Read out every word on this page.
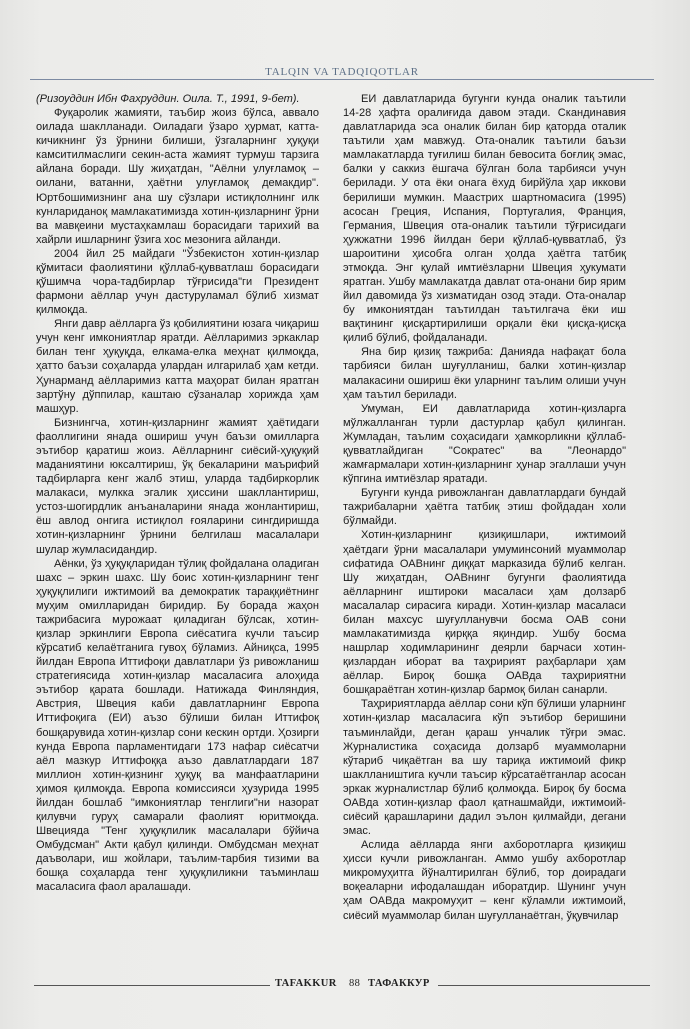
TALQIN VA TADQIQOTLAR

(Ризоуддин Ибн Фахруддин. Оила. Т., 1991, 9-бет).

Фуқаролик жамияти, таъбир жоиз бўлса, аввало оилада шаклланади. Оиладаги ўзаро ҳурмат, катта-кичикнинг ўз ўрнини билиши, ўзгаларнинг ҳуқуқи камситилмаслиги секин-аста жамият турмуш тарзига айлана боради. Шу жиҳатдан, "Аёлни улуғламоқ – оилани, ватанни, ҳаётни улуғламоқ демакдир". Юртбошимизнинг ана шу сўзлари истиқлолнинг илк кунлариданоқ мамлакатимизда хотин-қизларнинг ўрни ва мавқеини мустаҳкамлаш борасидаги тарихий ва хайрли ишларнинг ўзига хос мезонига айланди.

2004 йил 25 майдаги "Ўзбекистон хотин-қизлар қўмитаси фаолиятини қўллаб-қувватлаш борасидаги қўшимча чора-тадбирлар тўғрисида"ги Президент фармони аёллар учун дастуруламал бўлиб хизмат қилмоқда.

Янги давр аёлларга ўз қобилиятини юзага чиқариш учун кенг имкониятлар яратди. Аёлларимиз эркаклар билан тенг ҳуқуқда, елкама-елка меҳнат қилмоқда, ҳатто баъзи соҳаларда улардан илгарилаб ҳам кетди. Ҳунарманд аёлларимиз катта маҳорат билан яратган зартўну дўппилар, каштаю сўзаналар хорижда ҳам машҳур.

Бизнингча, хотин-қизларнинг жамият ҳаётидаги фаоллигини янада ошириш учун баъзи омилларга эътибор қаратиш жоиз. Аёлларнинг сиёсий-ҳуқуқий маданиятини юксалтириш, ўқ бекаларини маърифий тадбирларга кенг жалб этиш, уларда тадбиркорлик малакаси, мулкка эгалик ҳиссини шакллантириш, устоз-шогирдлик анъаналарини янада жонлантириш, ёш авлод онгига истиқлол ғояларини сингдиришда хотин-қизларнинг ўрнини белгилаш масалалари шулар жумласидандир.

Аёнки, ўз ҳуқуқларидан тўлиқ фойдалана оладиган шахс – эркин шахс. Шу боис хотин-қизларнинг тенг ҳуқуқлилиги ижтимоий ва демократик тараққиётнинг муҳим омилларидан биридир. Бу борада жаҳон тажрибасига мурожаат қиладиган бўлсак, хотин-қизлар эркинлиги Европа сиёсатига кучли таъсир кўрсатиб келаётганига гувоҳ бўламиз. Айниқса, 1995 йилдан Европа Иттифоқи давлатлари ўз ривожланиш стратегиясида хотин-қизлар масаласига алоҳида эътибор қарата бошлади. Натижада Финляндия, Австрия, Швеция каби давлатларнинг Европа Иттифоқига (ЕИ) аъзо бўлиши билан Иттифоқ бошқарувида хотин-қизлар сони кескин ортди. Ҳозирги кунда Европа парламентидаги 173 нафар сиёсатчи аёл мазкур Иттифоққа аъзо давлатлардаги 187 миллион хотин-қизнинг ҳуқуқ ва манфаатларини ҳимоя қилмоқда. Европа комиссияси ҳузурида 1995 йилдан бошлаб "имкониятлар тенглиги"ни назорат қилувчи гуруҳ самарали фаолият юритмоқда. Швецияда "Тенг ҳуқуқлилик масалалари бўйича Омбудсман" Акти қабул қилинди. Омбудсман меҳнат даъволари, иш жойлари, таълим-тарбия тизими ва бошқа соҳаларда тенг ҳуқуқлиликни таъминлаш масаласига фаол аралашади.

ЕИ давлатларида бугунги кунда оналик таътили 14-28 ҳафта оралиғида давом этади. Скандинавия давлатларида эса оналик билан бир қаторда оталик таътили ҳам мавжуд. Ота-оналик таътили баъзи мамлакатларда туғилиш билан бевосита боғлиқ эмас, балки у саккиз ёшгача бўлган бола тарбияси учун берилади. У ота ёки онага ёхуд бирйўла ҳар иккови берилиши мумкин. Маастрих шартномасига (1995) асосан Греция, Испания, Португалия, Франция, Германия, Швеция ота-оналик таътили тўғрисидаги ҳужжатни 1996 йилдан бери қўллаб-қувватлаб, ўз шароитини ҳисобга олган ҳолда ҳаётга татбиқ этмоқда. Энг қулай имтиёзларни Швеция ҳукумати яратган. Ушбу мамлакатда давлат ота-онани бир ярим йил давомида ўз хизматидан озод этади. Ота-оналар бу имкониятдан таътилдан таътилгача ёки иш вақтининг қисқартирилиши орқали ёки қисқа-қисқа қилиб бўлиб, фойдаланади.

Яна бир қизиқ тажриба: Данияда нафақат бола тарбияси билан шуғулланиш, балки хотин-қизлар малакасини ошириш ёки уларнинг таълим олиши учун ҳам таътил берилади.

Умуман, ЕИ давлатларида хотин-қизларга мўлжалланган турли дастурлар қабул қилинган. Жумладан, таълим соҳасидаги ҳамкорликни қўллаб-қувватлайдиган "Сократес" ва "Леонардо" жамғармалари хотин-қизларнинг ҳунар эгаллаши учун кўпгина имтиёзлар яратади.

Бугунги кунда ривожланган давлатлардаги бундай тажрибаларни ҳаётга татбиқ этиш фойдадан холи бўлмайди.

Хотин-қизларнинг қизиқишлари, ижтимоий ҳаётдаги ўрни масалалари умуминсоний муаммолар сифатида ОАВнинг диққат марказида бўлиб келган. Шу жиҳатдан, ОАВнинг бугунги фаолиятида аёлларнинг иштироки масаласи ҳам долзарб масалалар сирасига киради. Хотин-қизлар масаласи билан махсус шуғулланувчи босма ОАВ сони мамлакатимизда қирққа яқиндир. Ушбу босма нашрлар ходимларининг деярли барчаси хотин-қизлардан иборат ва таҳририят раҳбарлари ҳам аёллар. Бироқ бошқа ОАВда таҳририятни бошқараётган хотин-қизлар бармоқ билан санарли.

Таҳририятларда аёллар сони кўп бўлиши уларнинг хотин-қизлар масаласига кўп эътибор беришини таъминлайди, деган қараш унчалик тўғри эмас. Журналистика соҳасида долзарб муаммоларни кўтариб чиқаётган ва шу тариқа ижтимоий фикр шакллаништига кучли таъсир кўрсатаётганлар асосан эркак журналистлар бўлиб қолмоқда. Бироқ бу босма ОАВда хотин-қизлар фаол қатнашмайди, ижтимоий-сиёсий қарашларини дадил эълон қилмайди, дегани эмас.

Аслида аёлларда янги ахборотларга қизиқиш ҳисси кучли ривожланган. Аммо ушбу ахборотлар микромуҳитга йўналтирилган бўлиб, тор доирадаги воқеаларни ифодалашдан иборатдир. Шунинг учун ҳам ОАВда макромуҳит – кенг кўламли ижтимоий, сиёсий муаммолар билан шуғулланаётган, ўқувчилар

TAFAKKUR 88 ТАФАККУР
